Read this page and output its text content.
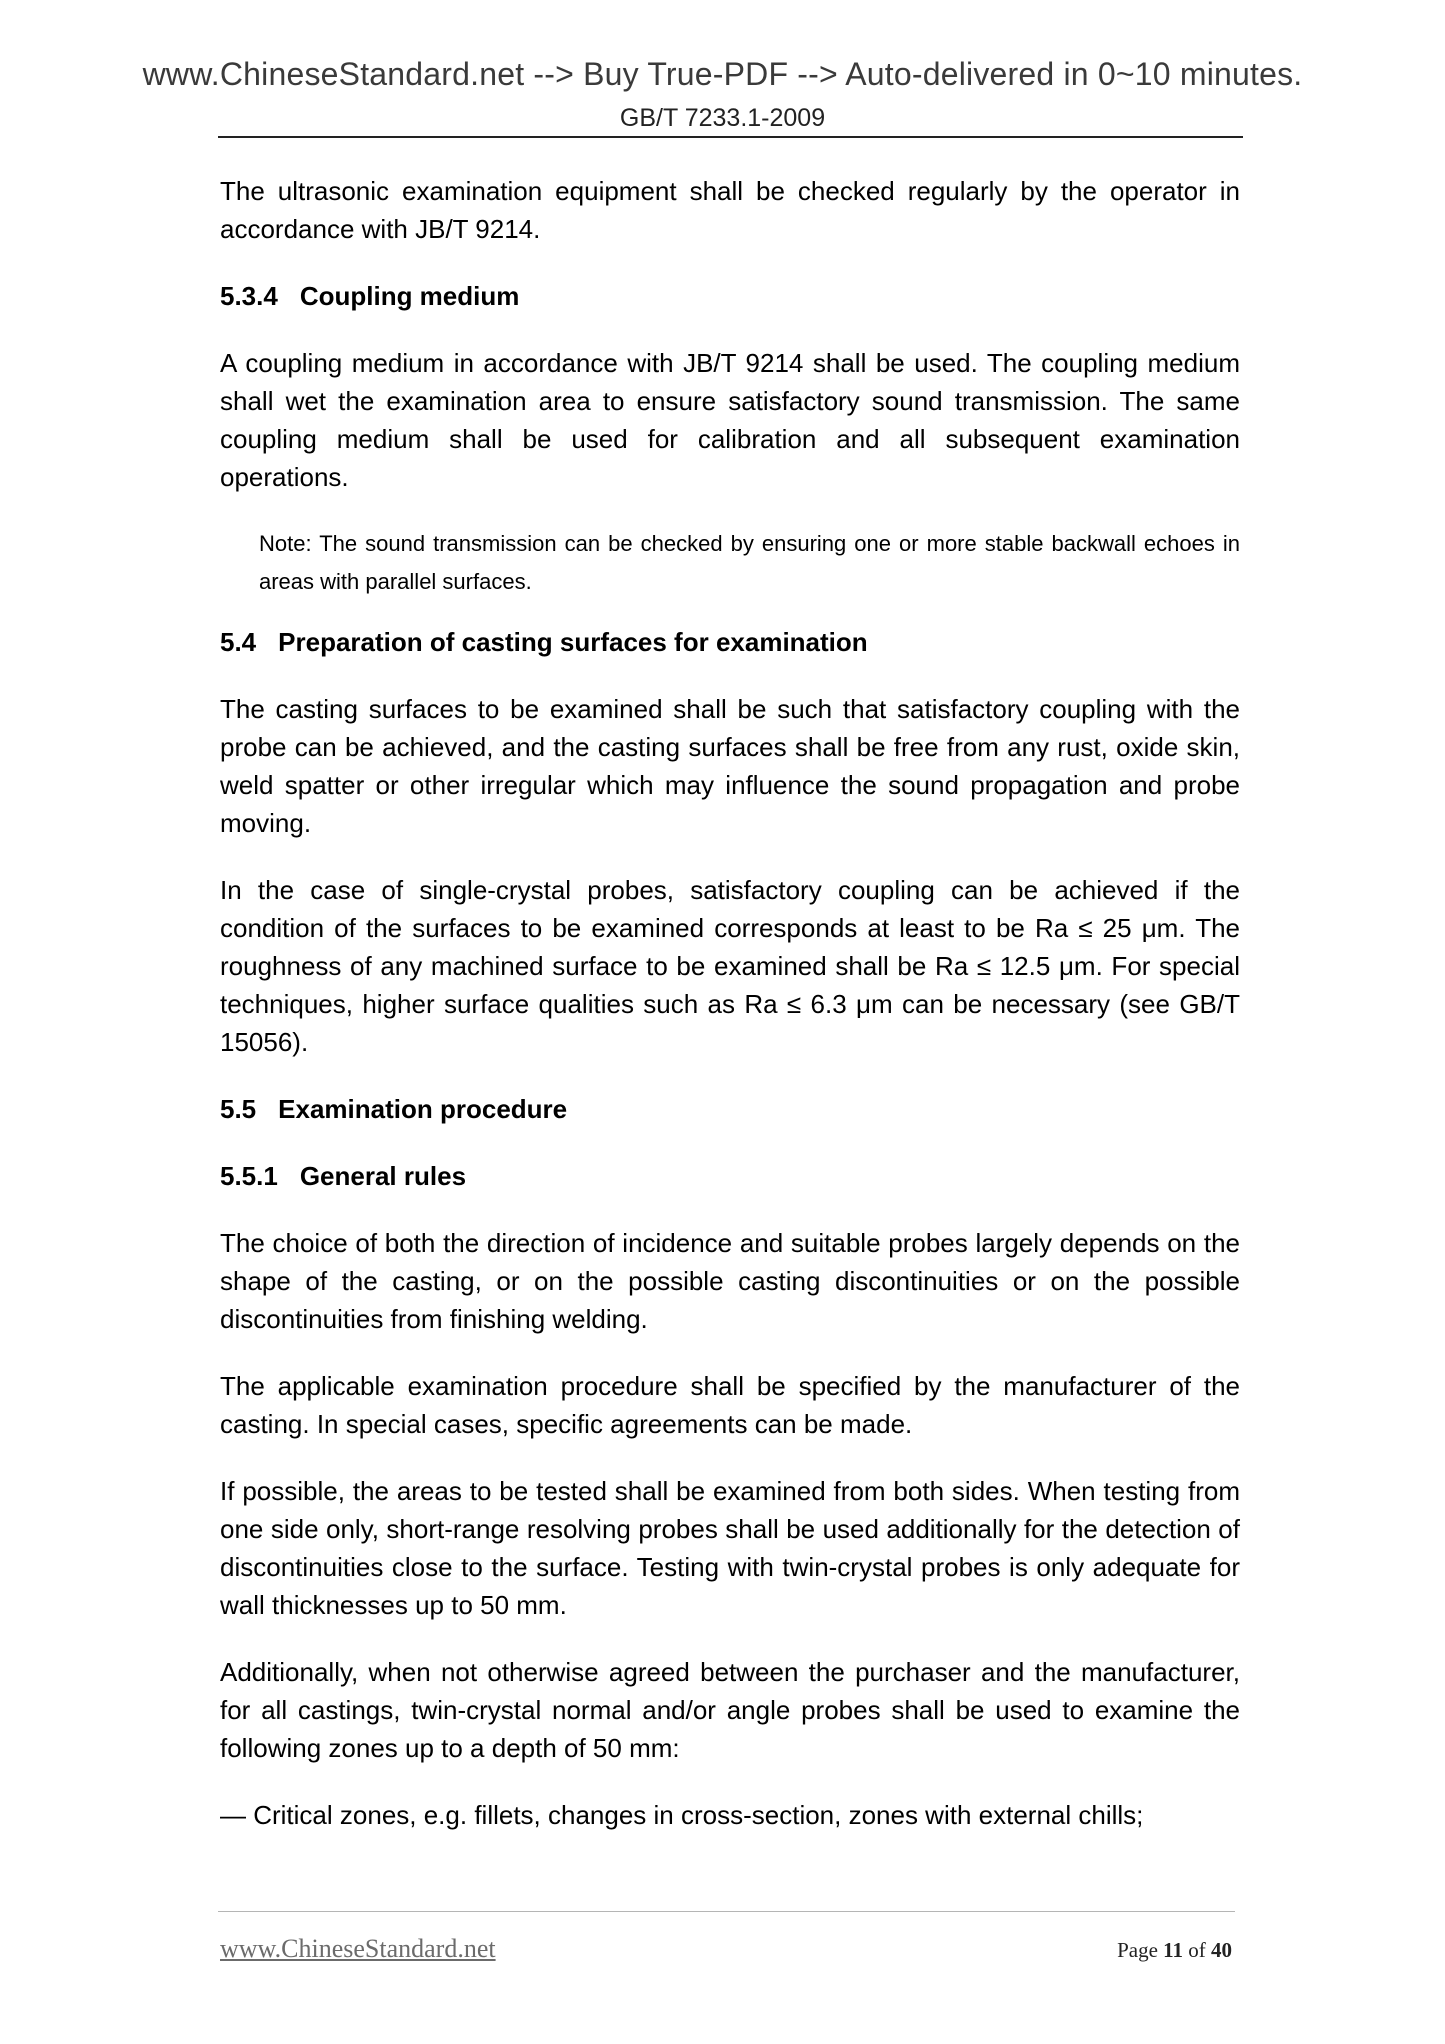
www.ChineseStandard.net --> Buy True-PDF --> Auto-delivered in 0~10 minutes.
GB/T 7233.1-2009

The ultrasonic examination equipment shall be checked regularly by the operator in accordance with JB/T 9214.

5.3.4 Coupling medium

A coupling medium in accordance with JB/T 9214 shall be used. The coupling medium shall wet the examination area to ensure satisfactory sound transmission. The same coupling medium shall be used for calibration and all subsequent examination operations.

Note: The sound transmission can be checked by ensuring one or more stable backwall echoes in areas with parallel surfaces.

5.4 Preparation of casting surfaces for examination

The casting surfaces to be examined shall be such that satisfactory coupling with the probe can be achieved, and the casting surfaces shall be free from any rust, oxide skin, weld spatter or other irregular which may influence the sound propagation and probe moving.

In the case of single-crystal probes, satisfactory coupling can be achieved if the condition of the surfaces to be examined corresponds at least to be Ra ≤ 25 μm. The roughness of any machined surface to be examined shall be Ra ≤ 12.5 μm. For special techniques, higher surface qualities such as Ra ≤ 6.3 μm can be necessary (see GB/T 15056).

5.5 Examination procedure
5.5.1 General rules

The choice of both the direction of incidence and suitable probes largely depends on the shape of the casting, or on the possible casting discontinuities or on the possible discontinuities from finishing welding.

The applicable examination procedure shall be specified by the manufacturer of the casting. In special cases, specific agreements can be made.

If possible, the areas to be tested shall be examined from both sides. When testing from one side only, short-range resolving probes shall be used additionally for the detection of discontinuities close to the surface. Testing with twin-crystal probes is only adequate for wall thicknesses up to 50 mm.

Additionally, when not otherwise agreed between the purchaser and the manufacturer, for all castings, twin-crystal normal and/or angle probes shall be used to examine the following zones up to a depth of 50 mm:

— Critical zones, e.g. fillets, changes in cross-section, zones with external chills;

www.ChineseStandard.net	Page 11 of 40
